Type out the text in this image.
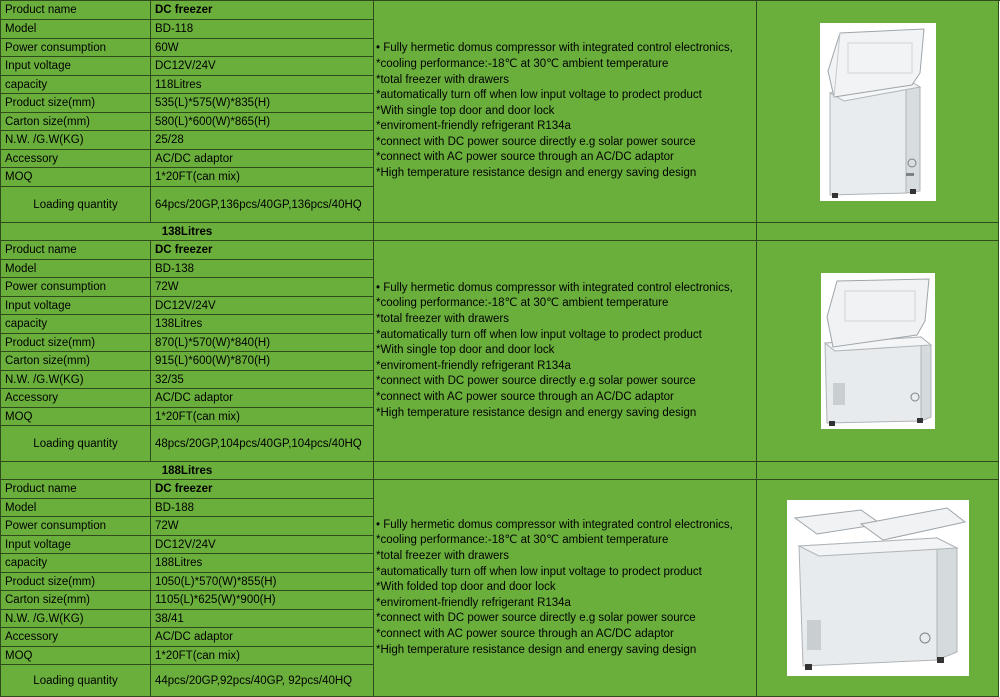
Product name	DC freezer
Model	BD-118
Power consumption	60W
Input voltage	DC12V/24V
capacity	118Litres
Product size(mm)	535(L)*575(W)*835(H)
Carton size(mm)	580(L)*600(W)*865(H)
N.W. /G.W(KG)	25/28
Accessory	AC/DC adaptor
MOQ	1*20FT(can mix)
Loading quantity	64pcs/20GP,136pcs/40GP,136pcs/40HQ
• Fully hermetic domus compressor with integrated control electronics,
*cooling performance:-18℃ at 30℃ ambient temperature
*total freezer with drawers
*automatically turn off when low input voltage to prodect product
*With single top door and door lock
*enviroment-friendly refrigerant R134a
*connect with DC power source directly e.g solar power source
*connect with AC power source through an AC/DC adaptor
*High temperature resistance design and energy saving design
138Litres
Product name	DC freezer
Model	BD-138
Power consumption	72W
Input voltage	DC12V/24V
capacity	138Litres
Product size(mm)	870(L)*570(W)*840(H)
Carton size(mm)	915(L)*600(W)*870(H)
N.W. /G.W(KG)	32/35
Accessory	AC/DC adaptor
MOQ	1*20FT(can mix)
Loading quantity	48pcs/20GP,104pcs/40GP,104pcs/40HQ
• Fully hermetic domus compressor with integrated control electronics,
*cooling performance:-18℃ at 30℃ ambient temperature
*total freezer with drawers
*automatically turn off when low input voltage to prodect product
*With single top door and door lock
*enviroment-friendly refrigerant R134a
*connect with DC power source directly e.g solar power source
*connect with AC power source through an AC/DC adaptor
*High temperature resistance design and energy saving design
188Litres
Product name	DC freezer
Model	BD-188
Power consumption	72W
Input voltage	DC12V/24V
capacity	188Litres
Product size(mm)	1050(L)*570(W)*855(H)
Carton size(mm)	1105(L)*625(W)*900(H)
N.W. /G.W(KG)	38/41
Accessory	AC/DC adaptor
MOQ	1*20FT(can mix)
Loading quantity	44pcs/20GP,92pcs/40GP, 92pcs/40HQ
• Fully hermetic domus compressor with integrated control electronics,
*cooling performance:-18℃ at 30℃ ambient temperature
*total freezer with drawers
*automatically turn off when low input voltage to prodect product
*With folded top door and door lock
*enviroment-friendly refrigerant R134a
*connect with DC power source directly e.g solar power source
*connect with AC power source through an AC/DC adaptor
*High temperature resistance design and energy saving design
